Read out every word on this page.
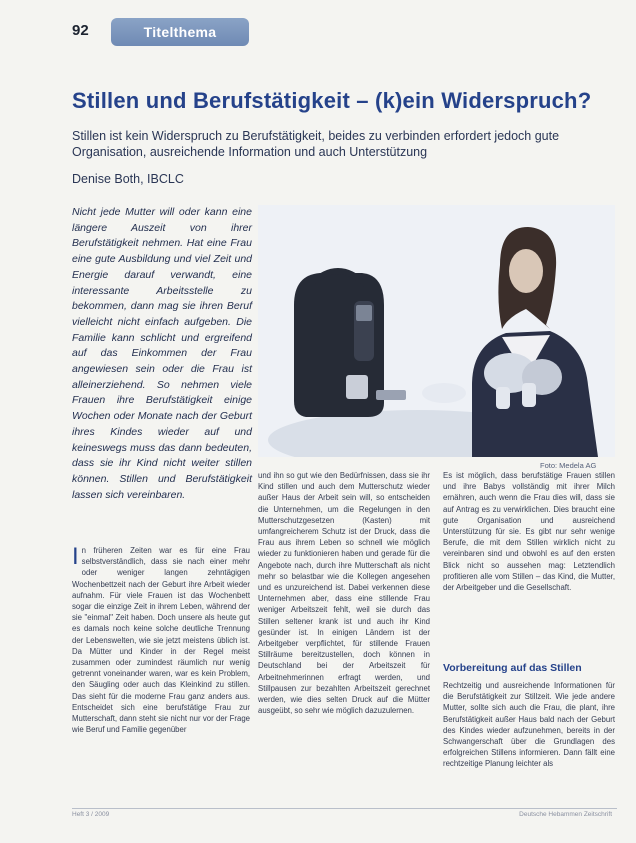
92	Titelthema
Stillen und Berufstätigkeit – (k)ein Widerspruch?

Stillen ist kein Widerspruch zu Berufstätigkeit, beides zu verbinden erfordert jedoch gute Organisation, ausreichende Information und auch Unterstützung

Denise Both, IBCLC

Nicht jede Mutter will oder kann eine längere Auszeit von ihrer Berufstätigkeit nehmen. Hat eine Frau eine gute Ausbildung und viel Zeit und Energie darauf verwandt, eine interessante Arbeitsstelle zu bekommen, dann mag sie ihren Beruf vielleicht nicht einfach aufgeben. Die Familie kann schlicht und ergreifend auf das Einkommen der Frau angewiesen sein oder die Frau ist alleinerziehend. So nehmen viele Frauen ihre Berufstätigkeit einige Wochen oder Monate nach der Geburt ihres Kindes wieder auf und keineswegs muss das dann bedeuten, dass sie ihr Kind nicht weiter stillen können. Stillen und Berufstätigkeit lassen sich vereinbaren.

Foto: Medela AG

In früheren Zeiten war es für eine Frau selbstverständlich, dass sie nach einer mehr oder weniger langen zehntägigen Wochenbettzeit nach der Geburt ihre Arbeit wieder aufnahm. Für viele Frauen ist das Wochenbett sogar die einzige Zeit in ihrem Leben, während der sie "einmal" Zeit haben. Doch unsere als heute gut es damals noch keine solche deutliche Trennung der Lebenswelten, wie sie jetzt meistens üblich ist. Da Mütter und Kinder in der Regel meist zusammen oder zumindest räumlich nur wenig getrennt voneinander waren, war es kein Problem, den Säugling oder auch das Kleinkind zu stillen. Das sieht für die moderne Frau ganz anders aus. Entscheidet sich eine berufstätige Frau zur Mutterschaft, dann steht sie nicht nur vor der Frage wie Beruf und Familie gegenüber

und ihn so gut wie den Bedürfnissen, dass sie ihr Kind stillen und auch dem Mutterschutz wieder außer Haus der Arbeit sein will, so entscheiden die Unternehmen, um die Regelungen in den Mutterschutzgesetzen (Kasten) mit umfangreicherem Schutz ist der Druck, dass die Frau aus ihrem Leben so schnell wie möglich wieder zu funktionieren haben und gerade für die Angebote nach, durch ihre Mutterschaft als nicht mehr so belastbar wie die Kollegen angesehen und es unzureichend ist. Dabei verkennen diese Unternehmen aber, dass eine stillende Frau weniger Arbeitszeit fehlt, weil sie durch das Stillen seltener krank ist und auch ihr Kind gesünder ist. In einigen Ländern ist der Arbeitgeber verpflichtet, für stillende Frauen Stillräume bereitzustellen, doch können in Deutschland bei der Arbeitszeit für Arbeitnehmerinnen erfragt werden, und Stillpausen zur bezahlten Arbeitszeit gerechnet werden, wie dies selten Druck auf die Mütter ausgeübt, so sehr wie möglich dazuzulernen.

Es ist möglich, dass berufstätige Frauen stillen und ihre Babys vollständig mit ihrer Milch ernähren, auch wenn die Frau dies will, dass sie auf Antrag es zu verwirklichen. Dies braucht eine gute Organisation und ausreichend Unterstützung für sie. Es gibt nur sehr wenige Berufe, die mit dem Stillen wirklich nicht zu vereinbaren sind und obwohl es auf den ersten Blick nicht so aussehen mag: Letztendlich profitieren alle vom Stillen – das Kind, die Mutter, der Arbeitgeber und die Gesellschaft.

Vorbereitung auf das Stillen

Rechtzeitig und ausreichende Informationen für die Berufstätigkeit zur Stillzeit. Wie jede andere Mutter, sollte sich auch die Frau, die plant, ihre Berufstätigkeit außer Haus bald nach der Geburt des Kindes wieder aufzunehmen, bereits in der Schwangerschaft über die Grundlagen des erfolgreichen Stillens informieren. Dann fällt eine rechtzeitige Planung leichter als

Heft 3 / 2009	Deutsche Hebammen Zeitschrift
